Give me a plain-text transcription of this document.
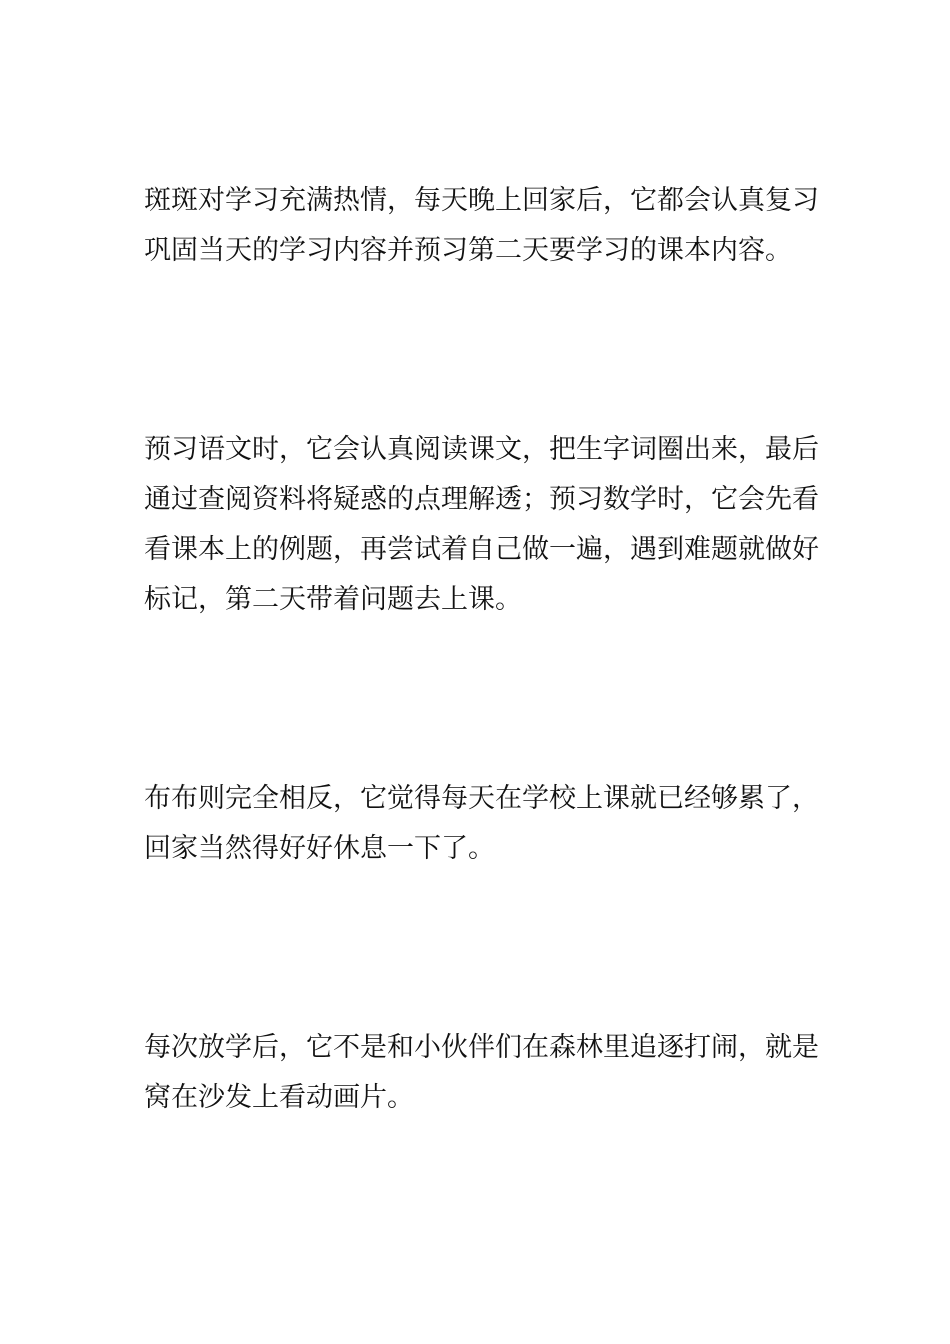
斑斑对学习充满热情，每天晚上回家后，它都会认真复习
巩固当天的学习内容并预习第二天要学习的课本内容。

预习语文时，它会认真阅读课文，把生字词圈出来，最后
通过查阅资料将疑惑的点理解透；预习数学时，它会先看
看课本上的例题，再尝试着自己做一遍，遇到难题就做好
标记，第二天带着问题去上课。

布布则完全相反，它觉得每天在学校上课就已经够累了，
回家当然得好好休息一下了。

每次放学后，它不是和小伙伴们在森林里追逐打闹，就是
窝在沙发上看动画片。
